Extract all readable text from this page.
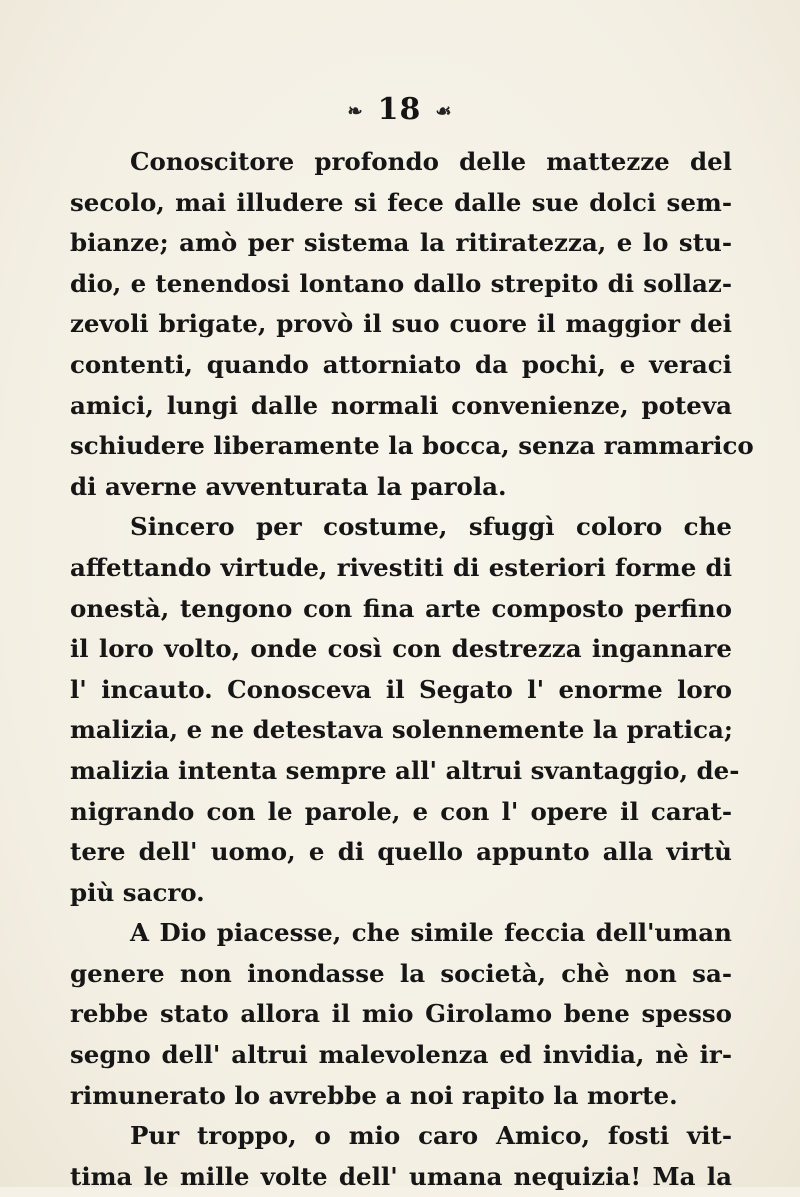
❧ 18 ☙
Conoscitore profondo delle mattezze del
secolo, mai illudere si fece dalle sue dolci sem-
bianze; amò per sistema la ritiratezza, e lo stu-
dio, e tenendosi lontano dallo strepito di sollaz-
zevoli brigate, provò il suo cuore il maggior dei
contenti, quando attorniato da pochi, e veraci
amici, lungi dalle normali convenienze, poteva
schiudere liberamente la bocca, senza rammarico
di averne avventurata la parola.
Sincero per costume, sfuggì coloro che
affettando virtude, rivestiti di esteriori forme di
onestà, tengono con fina arte composto perfino
il loro volto, onde così con destrezza ingannare
l' incauto. Conosceva il Segato l' enorme loro
malizia, e ne detestava solennemente la pratica;
malizia intenta sempre all' altrui svantaggio, de-
nigrando con le parole, e con l' opere il carat-
tere dell' uomo, e di quello appunto alla virtù
più sacro.
A Dio piacesse, che simile feccia dell'uman
genere non inondasse la società, chè non sa-
rebbe stato allora il mio Girolamo bene spesso
segno dell' altrui malevolenza ed invidia, nè ir-
rimunerato lo avrebbe a noi rapito la morte.
Pur troppo, o mio caro Amico, fosti vit-
tima le mille volte dell' umana nequizia! Ma la
